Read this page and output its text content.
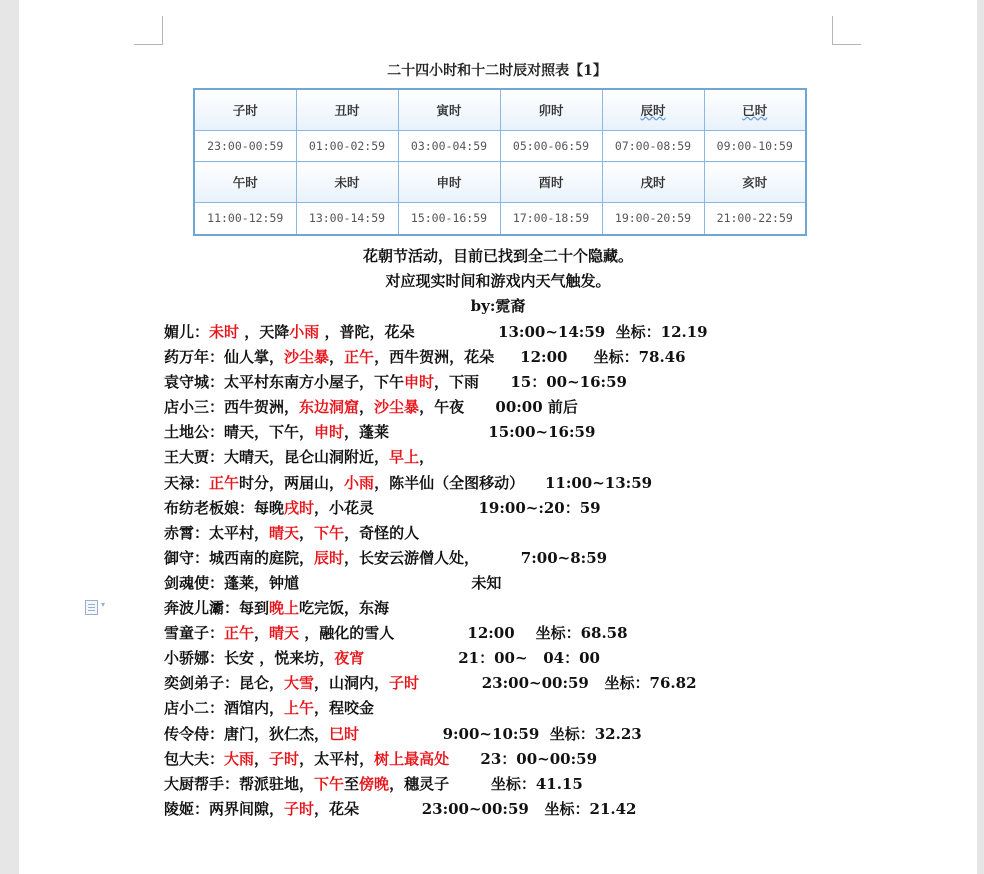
二十四小时和十二时辰对照表【1】
子时	丑时	寅时	卯时	辰时	已时
23:00-00:59	01:00-02:59	03:00-04:59	05:00-06:59	07:00-08:59	09:00-10:59
午时	未时	申时	酉时	戌时	亥时
11:00-12:59	13:00-14:59	15:00-16:59	17:00-18:59	19:00-20:59	21:00-22:59
花朝节活动，目前已找到全二十个隐藏。
对应现实时间和游戏内天气触发。
by:霓裔
媚儿：未时 ，天降小雨 ，普陀，花朵                13:00~14:59  坐标：12.19
药万年：仙人掌，沙尘暴，正午，西牛贺洲，花朵     12:00     坐标：78.46
袁守城：太平村东南方小屋子，下午申时，下雨      15：00~16:59
店小三：西牛贺洲，东边洞窟，沙尘暴，午夜      00:00 前后
土地公：晴天，下午，申时，蓬莱                   15:00~16:59
王大贾：大晴天，昆仑山洞附近，早上，
天禄：正午时分，两届山，小雨，陈半仙（全图移动）    11:00~13:59
布纺老板娘：每晚戌时，小花灵                    19:00~:20：59
赤霄：太平村，晴天，下午，奇怪的人
御守：城西南的庭院，辰时，长安云游僧人处，        7:00~8:59
剑魂使：蓬莱，钟馗                                 未知
奔波儿灞：每到晚上吃完饭，东海
雪童子：正午，晴天 ，融化的雪人              12:00    坐标：68.58
小骄娜：长安 ，悦来坊，夜宵                  21：00~   04：00
奕剑弟子：昆仑，大雪，山洞内，子时            23:00~00:59   坐标：76.82
店小二：酒馆内，上午，程咬金
传令侍：唐门，狄仁杰，巳时                9:00~10:59  坐标：32.23
包大夫：大雨，子时，太平村，树上最高处      23：00~00:59
大厨帮手：帮派驻地，下午至傍晚，穗灵子        坐标：41.15
陵姬：两界间隙，子时，花朵            23:00~00:59   坐标：21.42
▾
